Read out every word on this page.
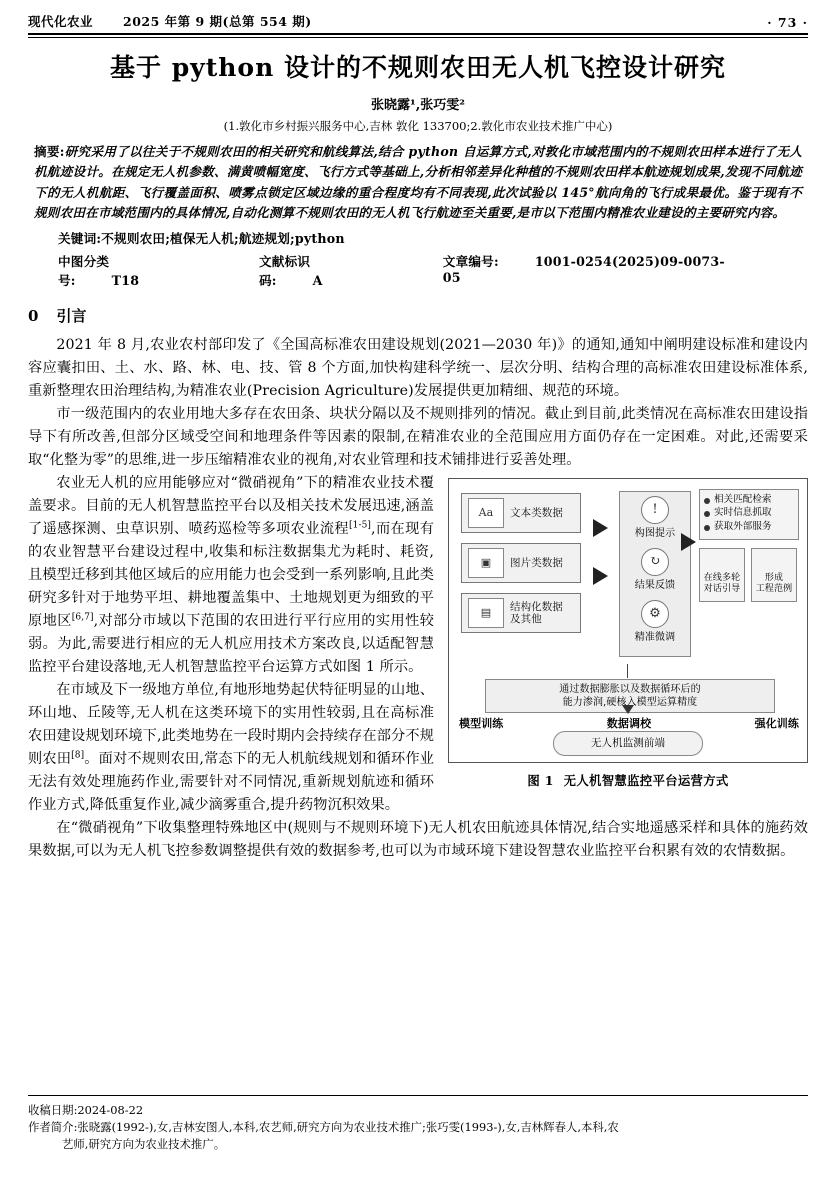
现代化农业 2025 年第 9 期(总第 554 期)	· 73 ·
基于 python 设计的不规则农田无人机飞控设计研究
张晓露¹,张巧雯²
(1.敦化市乡村振兴服务中心,吉林 敦化 133700;2.敦化市农业技术推广中心)
摘要:研究采用了以往关于不规则农田的相关研究和航线算法,结合 python 自运算方式,对敦化市域范围内的不规则农田样本进行了无人机航迹设计。在规定无人机参数、满黄喷幅宽度、飞行方式等基础上,分析相邻差异化种植的不规则农田样本航迹规划成果,发现不同航迹下的无人机航距、飞行覆盖面积、喷雾点锁定区域边缘的重合程度均有不同表现,此次试验以 145°航向角的飞行成果最优。鉴于现有不规则农田在市域范围内的具体情况,自动化测算不规则农田的无人机飞行航迹至关重要,是市以下范围内精准农业建设的主要研究内容。
关键词:不规则农田;植保无人机;航迹规划;python
中图分类号:	T18
文献标识码:	A
文章编号:	1001-0254(2025)09-0073-05
0 引言

2021 年 8 月,农业农村部印发了《全国高标准农田建设规划(2021—2030 年)》的通知,通知中阐明建设标准和建设内容应囊扣田、土、水、路、林、电、技、管 8 个方面,加快构建科学统一、层次分明、结构合理的高标准农田建设标准体系,重新整理农田治理结构,为精准农业(Precision Agriculture)发展提供更加精细、规范的环境。

市一级范围内的农业用地大多存在农田条、块状分隔以及不规则排列的情况。截止到目前,此类情况在高标准农田建设指导下有所改善,但部分区域受空间和地理条件等因素的限制,在精准农业的全范围应用方面仍存在一定困难。对此,还需要采取“化整为零”的思维,进一步压缩精准农业的视角,对农业管理和技术铺排进行妥善处理。

Aa	文本类数据
▣	图片类数据
▤	结构化数据
及其他
!
构图提示
↻
结果反馈
⚙
精准微调
相关匹配检索
实时信息抓取
获取外部服务
在线多轮
对话引导
形成
工程范例
通过数据膨胀以及数据循环后的
能力渗润,硬核入模型运算精度
无人机监测前端
模型训练	数据调校	强化训练
图 1 无人机智慧监控平台运营方式

农业无人机的应用能够应对“微硝视角”下的精准农业技术覆盖要求。目前的无人机智慧监控平台以及相关技术发展迅速,涵盖了遥感探测、虫草识别、喷药巡检等多项农业流程[1-5],而在现有的农业智慧平台建设过程中,收集和标注数据集尤为耗时、耗资,且模型迁移到其他区域后的应用能力也会受到一系列影响,且此类研究多针对于地势平坦、耕地覆盖集中、土地规划更为细致的平原地区[6,7],对部分市域以下范围的农田进行平行应用的实用性较弱。为此,需要进行相应的无人机应用技术方案改良,以适配智慧监控平台建设落地,无人机智慧监控平台运算方式如图 1 所示。

在市域及下一级地方单位,有地形地势起伏特征明显的山地、环山地、丘陵等,无人机在这类环境下的实用性较弱,且在高标准农田建设规划环境下,此类地势在一段时期内会持续存在部分不规则农田[8]。面对不规则农田,常态下的无人机航线规划和循环作业无法有效处理施药作业,需要针对不同情况,重新规划航迹和循环作业方式,降低重复作业,减少滴雾重合,提升药物沉积效果。

在“微硝视角”下收集整理特殊地区中(规则与不规则环境下)无人机农田航迹具体情况,结合实地遥感采样和具体的施药效果数据,可以为无人机飞控参数调整提供有效的数据参考,也可以为市域环境下建设智慧农业监控平台积累有效的农情数据。

收稿日期: 2024-08-22
作者简介: 张晓露(1992-),女,吉林安图人,本科,农艺师,研究方向为农业技术推广;张巧雯(1993-),女,吉林辉春人,本科,农
艺师,研究方向为农业技术推广。
